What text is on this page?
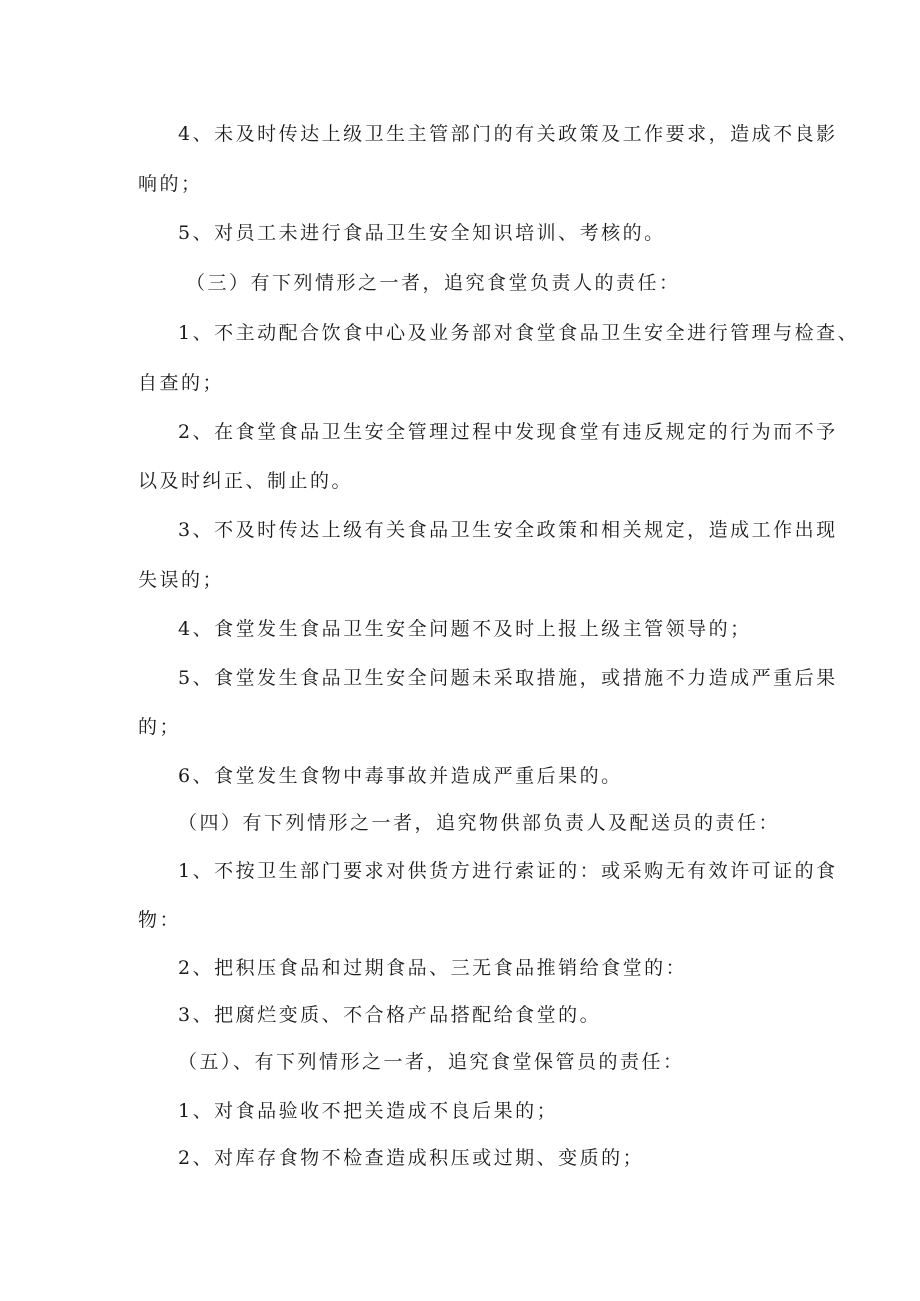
4、未及时传达上级卫生主管部门的有关政策及工作要求，造成不良影

响的；

5、对员工未进行食品卫生安全知识培训、考核的。

（三）有下列情形之一者，追究食堂负责人的责任：

1、不主动配合饮食中心及业务部对食堂食品卫生安全进行管理与检查、

自查的；

2、在食堂食品卫生安全管理过程中发现食堂有违反规定的行为而不予

以及时纠正、制止的。

3、不及时传达上级有关食品卫生安全政策和相关规定，造成工作出现

失误的；

4、食堂发生食品卫生安全问题不及时上报上级主管领导的；

5、食堂发生食品卫生安全问题未采取措施，或措施不力造成严重后果

的；

6、食堂发生食物中毒事故并造成严重后果的。

（四）有下列情形之一者，追究物供部负责人及配送员的责任：

1、不按卫生部门要求对供货方进行索证的：或采购无有效许可证的食

物：

2、把积压食品和过期食品、三无食品推销给食堂的：

3、把腐烂变质、不合格产品搭配给食堂的。

（五）、有下列情形之一者，追究食堂保管员的责任：

1、对食品验收不把关造成不良后果的；

2、对库存食物不检查造成积压或过期、变质的；
